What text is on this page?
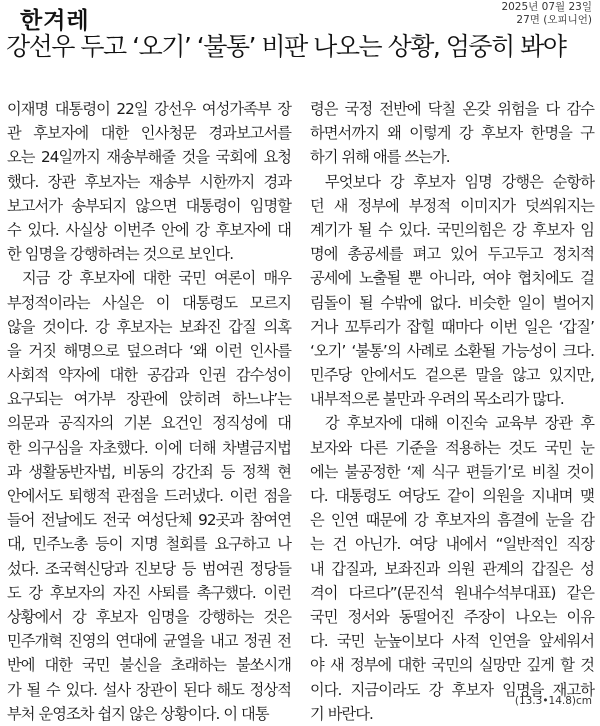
한겨레
2025년 07월 23일
27면 (오피니언)
강선우 두고 ‘오기’ ‘불통’ 비판 나오는 상황, 엄중히 봐야
이재명 대통령이 22일 강선우 여성가족부 장
관 후보자에 대한 인사청문 경과보고서를
오는 24일까지 재송부해줄 것을 국회에 요청
했다. 장관 후보자는 재송부 시한까지 경과
보고서가 송부되지 않으면 대통령이 임명할
수 있다. 사실상 이번주 안에 강 후보자에 대
한 임명을 강행하려는 것으로 보인다.
지금 강 후보자에 대한 국민 여론이 매우
부정적이라는 사실은 이 대통령도 모르지
않을 것이다. 강 후보자는 보좌진 갑질 의혹
을 거짓 해명으로 덮으려다 ‘왜 이런 인사를
사회적 약자에 대한 공감과 인권 감수성이
요구되는 여가부 장관에 앉히려 하느냐’는
의문과 공직자의 기본 요건인 정직성에 대
한 의구심을 자초했다. 이에 더해 차별금지법
과 생활동반자법, 비동의 강간죄 등 정책 현
안에서도 퇴행적 관점을 드러냈다. 이런 점을
들어 전날에도 전국 여성단체 92곳과 참여연
대, 민주노총 등이 지명 철회를 요구하고 나
섰다. 조국혁신당과 진보당 등 범여권 정당들
도 강 후보자의 자진 사퇴를 촉구했다. 이런
상황에서 강 후보자 임명을 강행하는 것은
민주개혁 진영의 연대에 균열을 내고 정권 전
반에 대한 국민 불신을 초래하는 불쏘시개
가 될 수 있다. 설사 장관이 된다 해도 정상적
부처 운영조차 쉽지 않은 상황이다. 이 대통
령은 국정 전반에 닥칠 온갖 위험을 다 감수
하면서까지 왜 이렇게 강 후보자 한명을 구
하기 위해 애를 쓰는가.
무엇보다 강 후보자 임명 강행은 순항하
던 새 정부에 부정적 이미지가 덧씌워지는
계기가 될 수 있다. 국민의힘은 강 후보자 임
명에 총공세를 펴고 있어 두고두고 정치적
공세에 노출될 뿐 아니라, 여야 협치에도 걸
림돌이 될 수밖에 없다. 비슷한 일이 벌어지
거나 꼬투리가 잡힐 때마다 이번 일은 ‘갑질’
‘오기’ ‘불통’의 사례로 소환될 가능성이 크다.
민주당 안에서도 겉으론 말을 않고 있지만,
내부적으론 불만과 우려의 목소리가 많다.
강 후보자에 대해 이진숙 교육부 장관 후
보자와 다른 기준을 적용하는 것도 국민 눈
에는 불공정한 ‘제 식구 편들기’로 비칠 것이
다. 대통령도 여당도 같이 의원을 지내며 맺
은 인연 때문에 강 후보자의 흠결에 눈을 감
는 건 아닌가. 여당 내에서 “일반적인 직장
내 갑질과, 보좌진과 의원 관계의 갑질은 성
격이 다르다”(문진석 원내수석부대표) 같은
국민 정서와 동떨어진 주장이 나오는 이유
다. 국민 눈높이보다 사적 인연을 앞세워서
야 새 정부에 대한 국민의 실망만 깊게 할 것
이다. 지금이라도 강 후보자 임명을 재고하
기 바란다.
(13.3•14.8)cm
